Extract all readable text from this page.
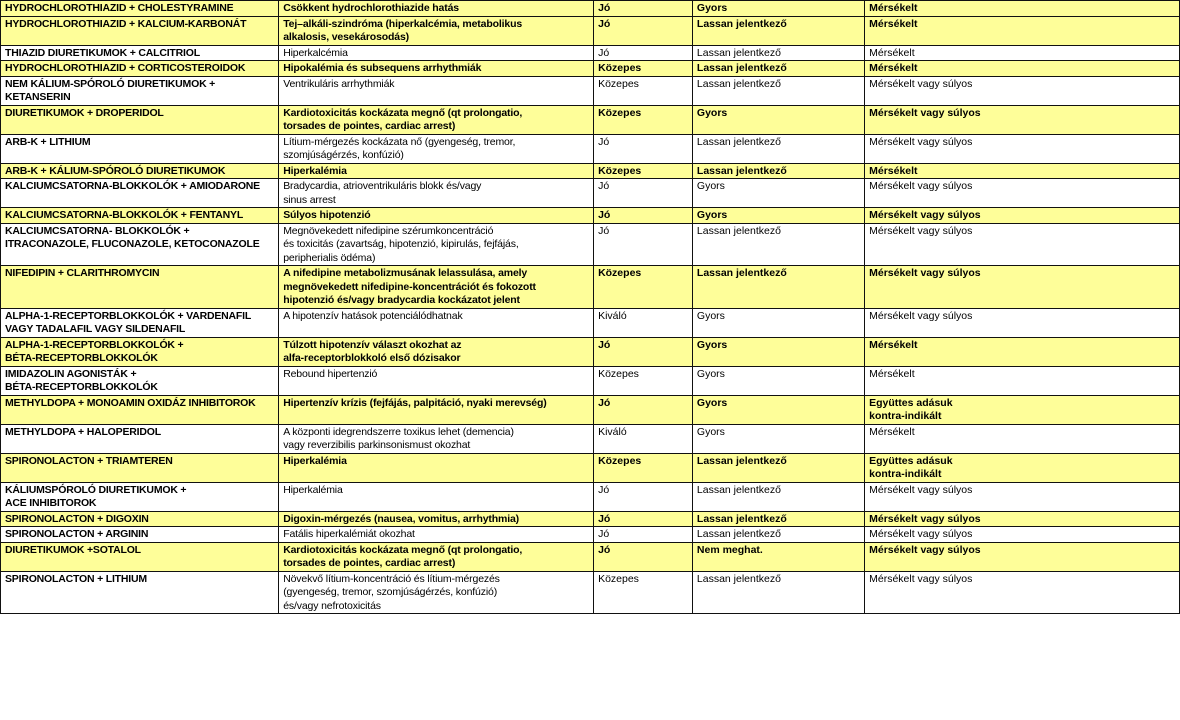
HYDROCHLOROTHIAZID + CHOLESTYRAMINE	Csökkent hydrochlorothiazide hatás	Jó	Gyors	Mérsékelt

HYDROCHLOROTHIAZID + KALCIUM-KARBONÁT	Tej–alkáli-szindróma (hiperkalcémia, metabolikus
alkalosis, vesekárosodás)	Jó	Lassan jelentkező	Mérsékelt

THIAZID DIURETIKUMOK + CALCITRIOL	Hiperkalcémia	Jó	Lassan jelentkező	Mérsékelt

HYDROCHLOROTHIAZID + CORTICOSTEROIDOK	Hipokalémia és subsequens arrhythmiák	Közepes	Lassan jelentkező	Mérsékelt

NEM KÁLIUM-SPÓROLÓ DIURETIKUMOK +
KETANSERIN	Ventrikuláris arrhythmiák	Közepes	Lassan jelentkező	Mérsékelt vagy súlyos

DIURETIKUMOK + DROPERIDOL	Kardiotoxicitás kockázata megnő (qt prolongatio,
torsades de pointes, cardiac arrest)	Közepes	Gyors	Mérsékelt vagy súlyos

ARB-K + LITHIUM	Lítium-mérgezés kockázata nő (gyengeség, tremor,
szomjúságérzés, konfúzió)	Jó	Lassan jelentkező	Mérsékelt vagy súlyos

ARB-K + KÁLIUM-SPÓROLÓ DIURETIKUMOK	Hiperkalémia	Közepes	Lassan jelentkező	Mérsékelt

KALCIUMCSATORNA-BLOKKOLÓK + AMIODARONE	Bradycardia, atrioventrikuláris blokk és/vagy
sinus arrest	Jó	Gyors	Mérsékelt vagy súlyos

KALCIUMCSATORNA-BLOKKOLÓK + FENTANYL	Súlyos hipotenzió	Jó	Gyors	Mérsékelt vagy súlyos

KALCIUMCSATORNA- BLOKKOLÓK +
ITRACONAZOLE, FLUCONAZOLE, KETOCONAZOLE	Megnövekedett nifedipine szérumkoncentráció
és toxicitás (zavartság, hipotenzió, kipirulás, fejfájás,
peripherialis ödéma)	Jó	Lassan jelentkező	Mérsékelt vagy súlyos

NIFEDIPIN + CLARITHROMYCIN	A nifedipine metabolizmusának lelassulása, amely
megnövekedett nifedipine-koncentrációt és fokozott
hipotenzió és/vagy bradycardia kockázatot jelent	Közepes	Lassan jelentkező	Mérsékelt vagy súlyos

ALPHA-1-RECEPTORBLOKKOLÓK + VARDENAFIL
VAGY TADALAFIL VAGY SILDENAFIL	A hipotenzív hatások potenciálódhatnak	Kiváló	Gyors	Mérsékelt vagy súlyos

ALPHA-1-RECEPTORBLOKKOLÓK +
BÉTA-RECEPTORBLOKKOLÓK	Túlzott hipotenzív választ okozhat az
alfa-receptorblokkoló első dózisakor	Jó	Gyors	Mérsékelt

IMIDAZOLIN AGONISTÁK +
BÉTA-RECEPTORBLOKKOLÓK	Rebound hipertenzió	Közepes	Gyors	Mérsékelt

METHYLDOPA + MONOAMIN OXIDÁZ INHIBITOROK	Hipertenzív krízis (fejfájás, palpitáció, nyaki merevség)	Jó	Gyors	Együttes adásuk
kontra-indikált

METHYLDOPA + HALOPERIDOL	A központi idegrendszerre toxikus lehet (demencia)
vagy reverzibilis parkinsonismust okozhat	Kiváló	Gyors	Mérsékelt

SPIRONOLACTON + TRIAMTEREN	Hiperkalémia	Közepes	Lassan jelentkező	Együttes adásuk
kontra-indikált

KÁLIUMSPÓROLÓ DIURETIKUMOK +
ACE INHIBITOROK	Hiperkalémia	Jó	Lassan jelentkező	Mérsékelt vagy súlyos

SPIRONOLACTON + DIGOXIN	Digoxin-mérgezés (nausea, vomitus, arrhythmia)	Jó	Lassan jelentkező	Mérsékelt vagy súlyos

SPIRONOLACTON + ARGININ	Fatális hiperkalémiát okozhat	Jó	Lassan jelentkező	Mérsékelt vagy súlyos

DIURETIKUMOK +SOTALOL	Kardiotoxicitás kockázata megnő (qt prolongatio,
torsades de pointes, cardiac arrest)	Jó	Nem meghat.	Mérsékelt vagy súlyos

SPIRONOLACTON + LITHIUM	Növekvő lítium-koncentráció és lítium-mérgezés
(gyengeség, tremor, szomjúságérzés, konfúzió)
és/vagy nefrotoxicitás	Közepes	Lassan jelentkező	Mérsékelt vagy súlyos
